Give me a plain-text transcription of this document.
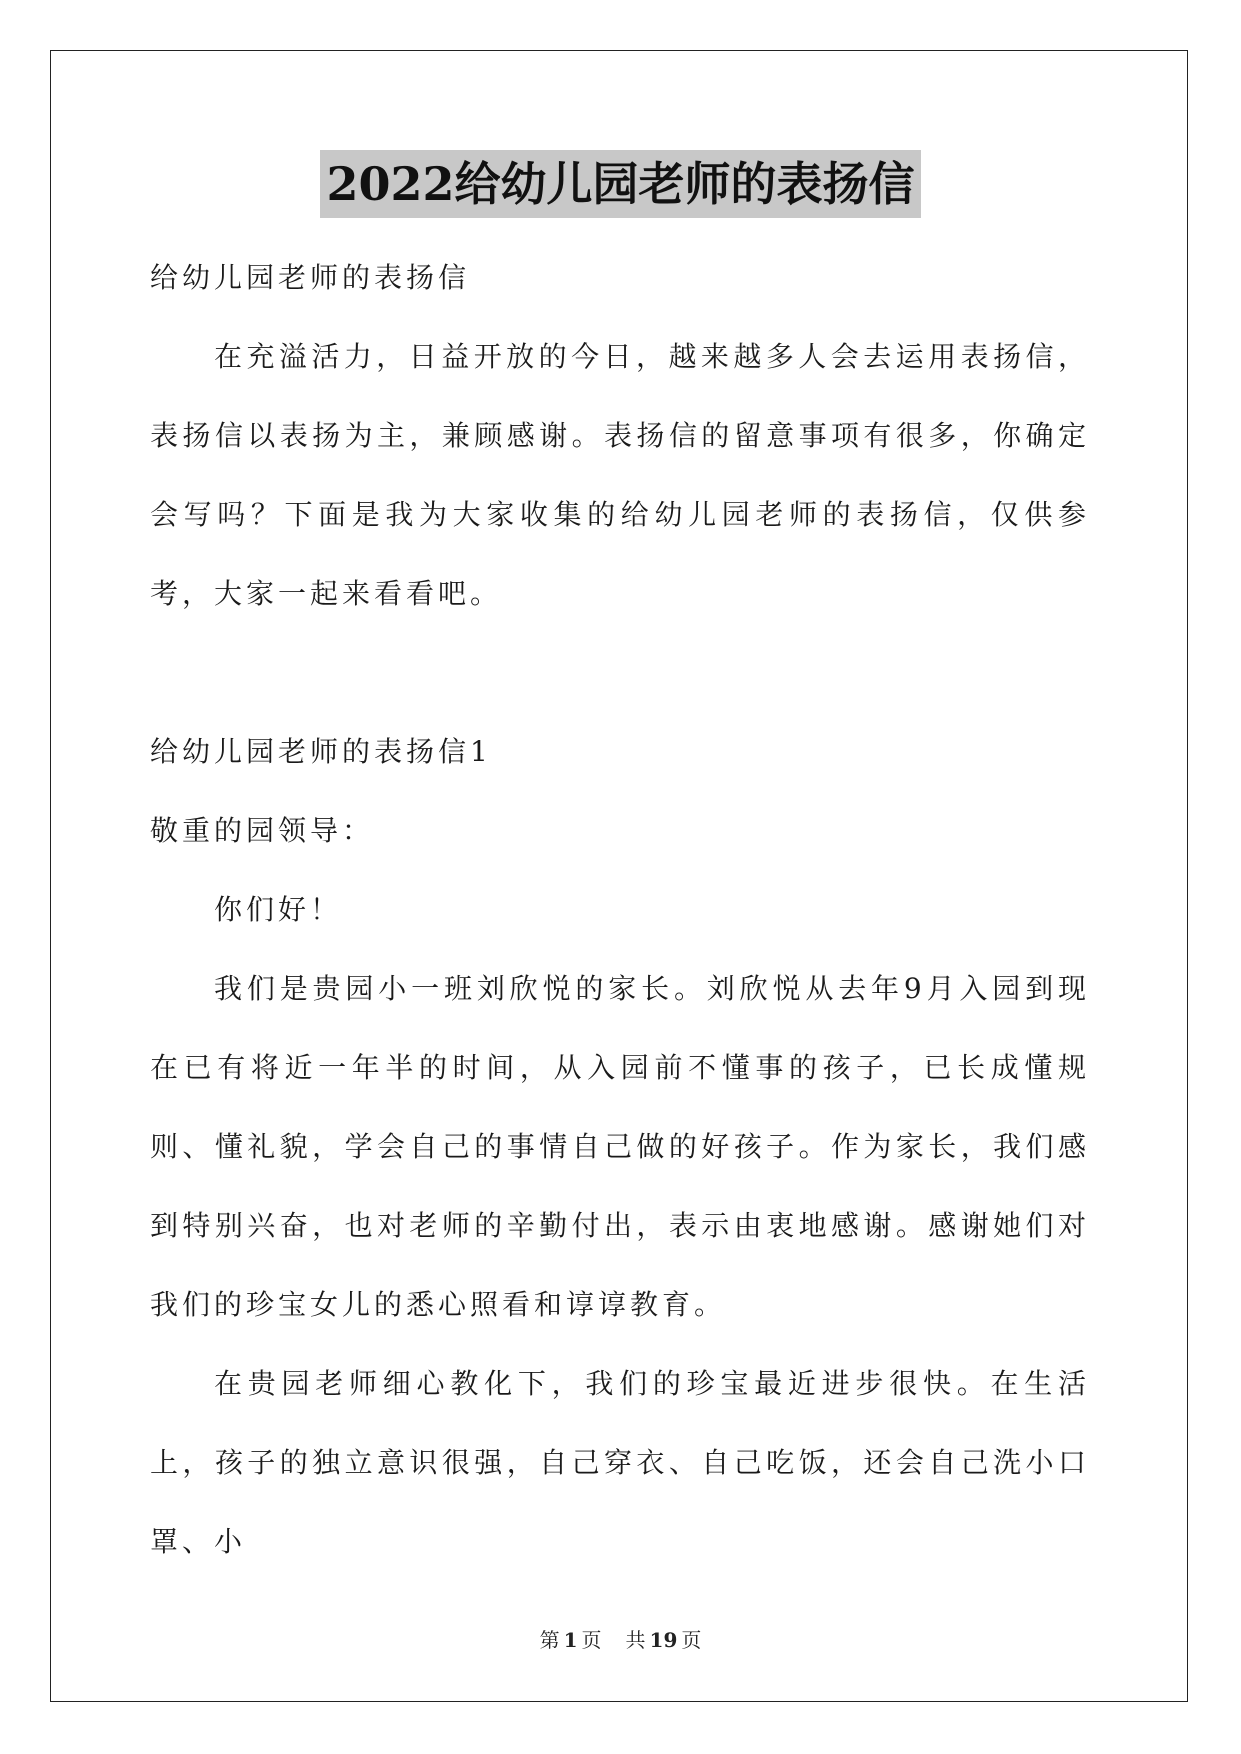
2022给幼儿园老师的表扬信

给幼儿园老师的表扬信

在充溢活力，日益开放的今日，越来越多人会去运用表扬信，表扬信以表扬为主，兼顾感谢。表扬信的留意事项有很多，你确定会写吗？下面是我为大家收集的给幼儿园老师的表扬信，仅供参考，大家一起来看看吧。

给幼儿园老师的表扬信1

敬重的园领导：

你们好！

我们是贵园小一班刘欣悦的家长。刘欣悦从去年9月入园到现在已有将近一年半的时间，从入园前不懂事的孩子，已长成懂规则、懂礼貌，学会自己的事情自己做的好孩子。作为家长，我们感到特别兴奋，也对老师的辛勤付出，表示由衷地感谢。感谢她们对我们的珍宝女儿的悉心照看和谆谆教育。

在贵园老师细心教化下，我们的珍宝最近进步很快。在生活上，孩子的独立意识很强，自己穿衣、自己吃饭，还会自己洗小口罩、小

第 1 页 共 19 页
